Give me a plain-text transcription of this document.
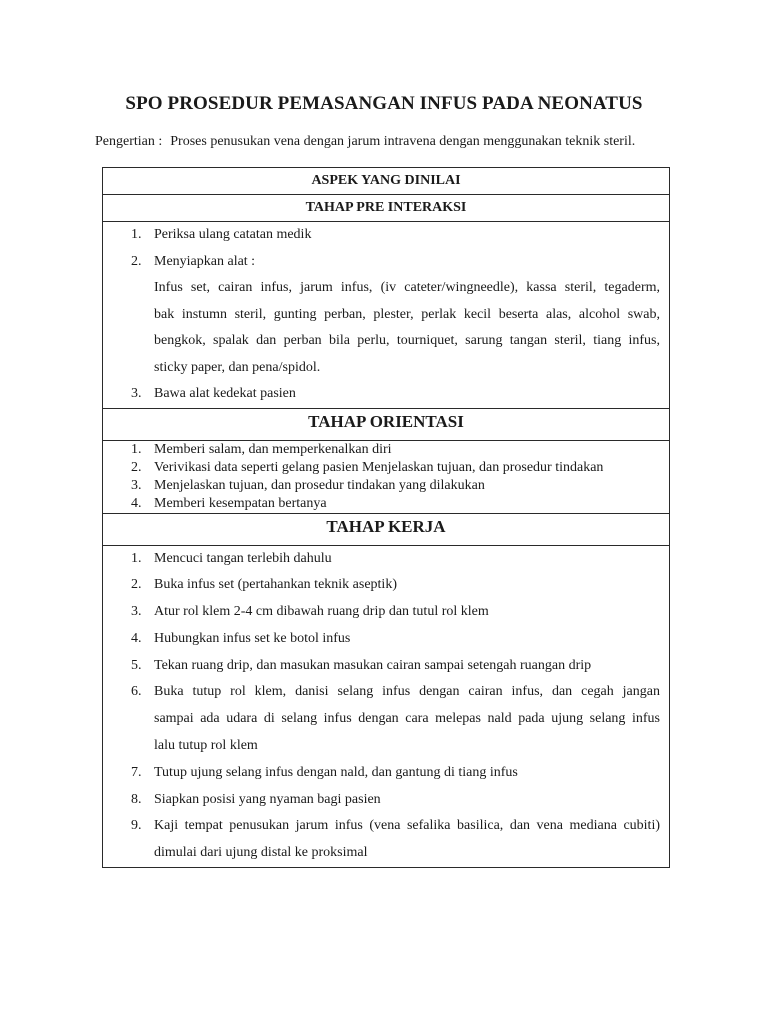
SPO PROSEDUR PEMASANGAN INFUS PADA NEONATUS
Pengertian : Proses penusukan vena dengan jarum intravena dengan menggunakan teknik steril.
ASPEK YANG DINILAI
TAHAP PRE INTERAKSI

1. Periksa ulang catatan medik
2. Menyiapkan alat :
Infus set, cairan infus, jarum infus, (iv cateter/wingneedle), kassa steril, tegaderm,
bak instumn steril, gunting perban, plester, perlak kecil beserta alas, alcohol swab,
bengkok, spalak dan perban bila perlu, tourniquet, sarung tangan steril, tiang infus,
sticky paper, dan pena/spidol.
3. Bawa alat kedekat pasien

TAHAP ORIENTASI

1. Memberi salam, dan memperkenalkan diri
2. Verivikasi data seperti gelang pasien Menjelaskan tujuan, dan prosedur tindakan
3. Menjelaskan tujuan, dan prosedur tindakan yang dilakukan
4. Memberi kesempatan bertanya

TAHAP KERJA

1. Mencuci tangan terlebih dahulu
2. Buka infus set (pertahankan teknik aseptik)
3. Atur rol klem 2-4 cm dibawah ruang drip dan tutul rol klem
4. Hubungkan infus set ke botol infus
5. Tekan ruang drip, dan masukan masukan cairan sampai setengah ruangan drip
6. Buka tutup rol klem, danisi selang infus dengan cairan infus, dan cegah jangan
sampai ada udara di selang infus dengan cara melepas nald pada ujung selang infus
lalu tutup rol klem
7. Tutup ujung selang infus dengan nald, dan gantung di tiang infus
8. Siapkan posisi yang nyaman bagi pasien
9. Kaji tempat penusukan jarum infus (vena sefalika basilica, dan vena mediana cubiti)
dimulai dari ujung distal ke proksimal
